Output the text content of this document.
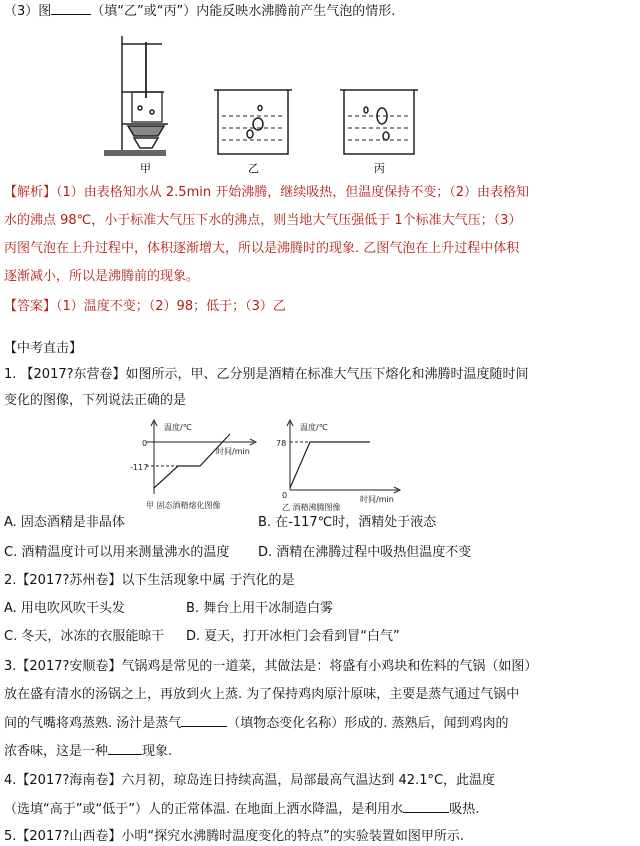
（3）图	（填“乙”或“丙”）内能反映水沸腾前产生气泡的情形.
甲	乙	丙
【解析】（1）由表格知水从 2.5min 开始沸腾，继续吸热，但温度保持不变；（2）由表格知
水的沸点 98℃，小于标准大气压下水的沸点，则当地大气压强低于 1个标准大气压；（3）
丙图气泡在上升过程中，体积逐渐增大，所以是沸腾时的现象. 乙图气泡在上升过程中体积
逐渐减小，所以是沸腾前的现象。
【答案】（1）温度不变；（2）98；低于；（3）乙
【中考直击】
1. 【2017?东营卷】如图所示，甲、乙分别是酒精在标准大气压下熔化和沸腾时温度随时间
变化的图像，下列说法正确的是
温度/℃
0
-117
时间/min
甲 固态酒精熔化图像
温度/℃
78
0	时间/min
乙 酒精沸腾图像
A. 固态酒精是非晶体	B. 在-117℃时，酒精处于液态
C. 酒精温度计可以用来测量沸水的温度 D. 酒精在沸腾过程中吸热但温度不变
2.【2017?苏州卷】以下生活现象中属 于汽化的是
A. 用电吹风吹干头发	B. 舞台上用干冰制造白雾
C. 冬天，冰冻的衣服能晾干 D. 夏天，打开冰柜门会看到冒“白气”
3.【2017?安顺卷】气锅鸡是常见的一道菜，其做法是：将盛有小鸡块和佐料的气锅（如图）
放在盛有清水的汤锅之上，再放到火上蒸. 为了保持鸡肉原汁原味，主要是蒸气通过气锅中
间的气嘴将鸡蒸熟. 汤汁是蒸气	（填物态变化名称）形成的. 蒸熟后，闻到鸡肉的
浓香味，这是一种	现象.
4.【2017?海南卷】六月初，琼岛连日持续高温，局部最高气温达到 42.1°C，此温度
（选填“高于”或“低于”）人的正常体温. 在地面上洒水降温，是利用水	吸热.
5.【2017?山西卷】小明“探究水沸腾时温度变化的特点”的实验装置如图甲所示.
